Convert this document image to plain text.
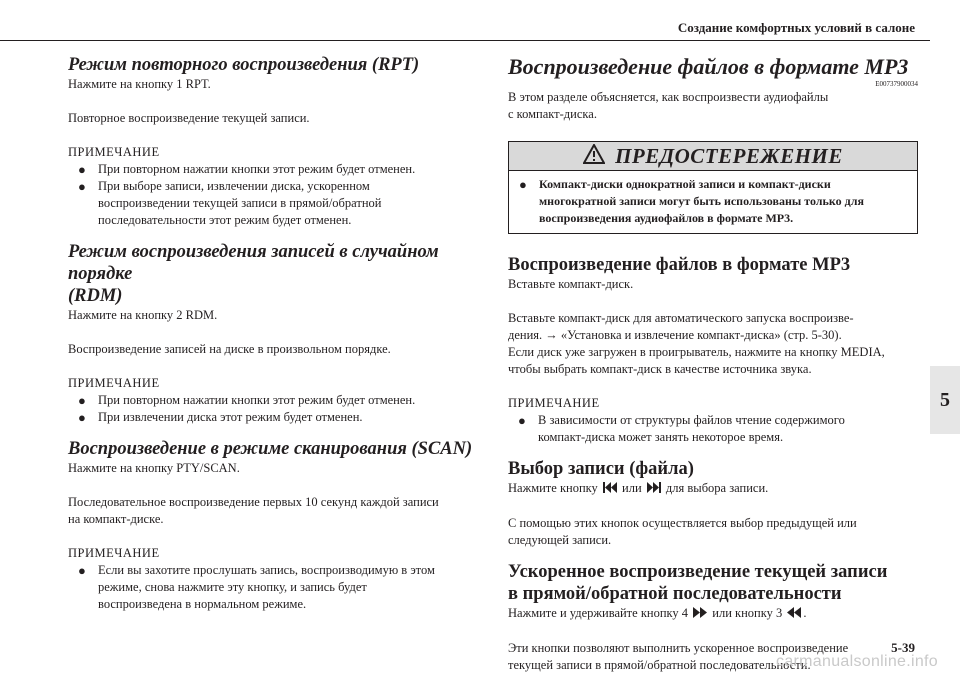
Создание комфортных условий в салоне
5
Режим повторного воспроизведения (RPT)

Нажмите на кнопку 1 RPT.

Повторное воспроизведение текущей записи.

ПРИМЕЧАНИЕ

● При повторном нажатии кнопки этот режим будет отменен.
● При выборе записи, извлечении диска, ускоренном
воспроизведении текущей записи в прямой/обратной
последовательности этот режим будет отменен.
Режим воспроизведения записей в случайном порядке
(RDM)

Нажмите на кнопку 2 RDM.

Воспроизведение записей на диске в произвольном порядке.

ПРИМЕЧАНИЕ

● При повторном нажатии кнопки этот режим будет отменен.
● При извлечении диска этот режим будет отменен.
Воспроизведение в режиме сканирования (SCAN)

Нажмите на кнопку PTY/SCAN.

Последовательное воспроизведение первых 10 секунд каждой записи
на компакт-диске.

ПРИМЕЧАНИЕ

● Если вы захотите прослушать запись, воспроизводимую в этом
режиме, снова нажмите эту кнопку, и запись будет
воспроизведена в нормальном режиме.
Воспроизведение файлов в формате MP3
E00737900034

В этом разделе объясняется, как воспроизвести аудиофайлы
с компакт-диска.

ПРЕДОСТЕРЕЖЕНИЕ
●	Компакт-диски однократной записи и компакт-диски
многократной записи могут быть использованы только для
воспроизведения аудиофайлов в формате MP3.
Воспроизведение файлов в формате MP3

Вставьте компакт-диск.

Вставьте компакт-диск для автоматического запуска воспроизве-
дения. → «Установка и извлечение компакт-диска» (стр. 5-30).
Если диск уже загружен в проигрыватель, нажмите на кнопку MEDIA,
чтобы выбрать компакт-диск в качестве источника звука.

ПРИМЕЧАНИЕ

● В зависимости от структуры файлов чтение содержимого
компакт-диска может занять некоторое время.
Выбор записи (файла)

Нажмите кнопку или для выбора записи.

С помощью этих кнопок осуществляется выбор предыдущей или
следующей записи.

Ускоренное воспроизведение текущей записи
в прямой/обратной последовательности

Нажмите и удерживайте кнопку 4 или кнопку 3 .

Эти кнопки позволяют выполнить ускоренное воспроизведение
текущей записи в прямой/обратной последовательности.

5-39
carmanualsonline.info
